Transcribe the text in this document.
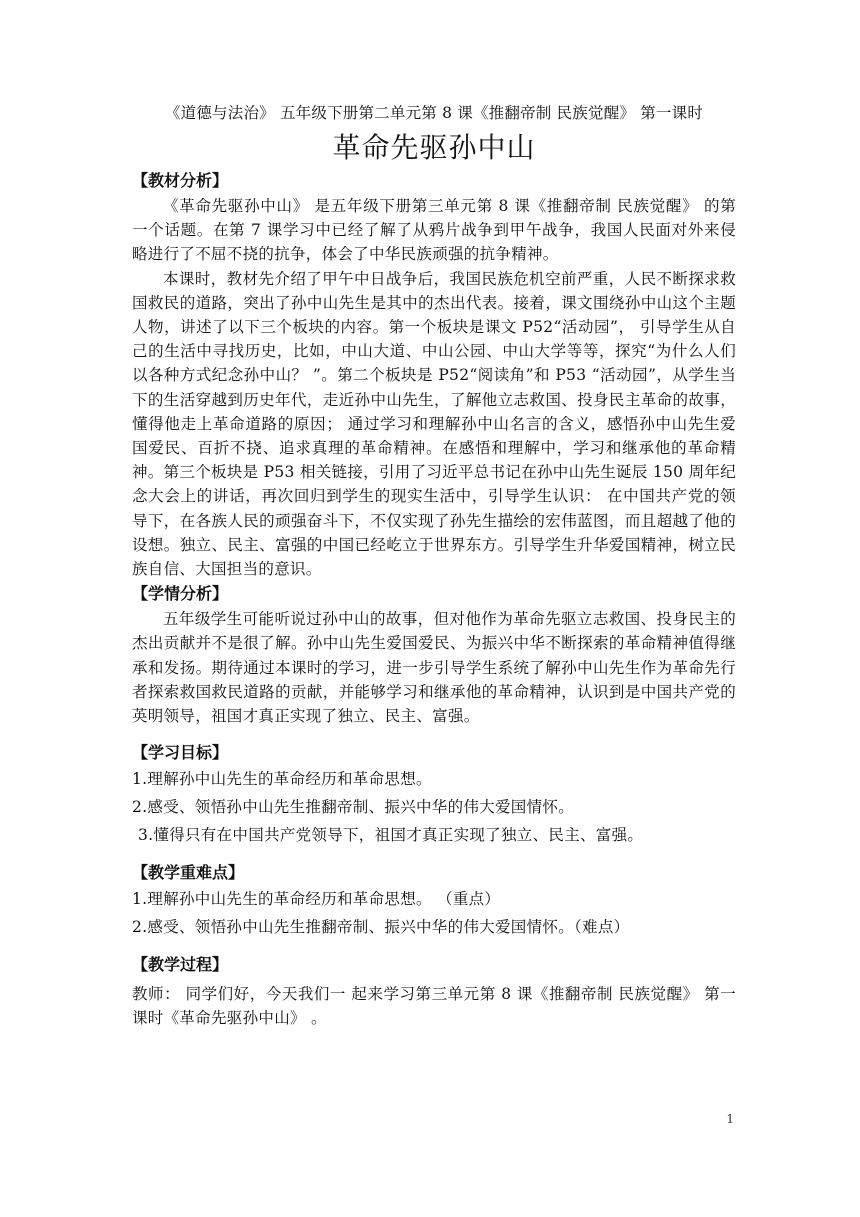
《道德与法治》 五年级下册第二单元第 8 课《推翻帝制 民族觉醒》 第一课时
革命先驱孙中山
【教材分析】

《革命先驱孙中山》 是五年级下册第三单元第 8 课《推翻帝制 民族觉醒》 的第一个话题。在第 7 课学习中已经了解了从鸦片战争到甲午战争，我国人民面对外来侵略进行了不屈不挠的抗争，体会了中华民族顽强的抗争精神。

本课时，教材先介绍了甲午中日战争后，我国民族危机空前严重，人民不断探求救国救民的道路，突出了孙中山先生是其中的杰出代表。接着，课文围绕孙中山这个主题人物，讲述了以下三个板块的内容。第一个板块是课文 P52“活动园”， 引导学生从自己的生活中寻找历史，比如，中山大道、中山公园、中山大学等等，探究“为什么人们以各种方式纪念孙中山？ ”。第二个板块是 P52“阅读角”和 P53 “活动园”，从学生当下的生活穿越到历史年代，走近孙中山先生，了解他立志救国、投身民主革命的故事，懂得他走上革命道路的原因； 通过学习和理解孙中山名言的含义，感悟孙中山先生爱国爱民、百折不挠、追求真理的革命精神。在感悟和理解中，学习和继承他的革命精神。第三个板块是 P53 相关链接，引用了习近平总书记在孙中山先生诞辰 150 周年纪念大会上的讲话，再次回归到学生的现实生活中，引导学生认识： 在中国共产党的领导下，在各族人民的顽强奋斗下，不仅实现了孙先生描绘的宏伟蓝图，而且超越了他的设想。独立、民主、富强的中国已经屹立于世界东方。引导学生升华爱国精神，树立民族自信、大国担当的意识。

【学情分析】

五年级学生可能听说过孙中山的故事，但对他作为革命先驱立志救国、投身民主的杰出贡献并不是很了解。孙中山先生爱国爱民、为振兴中华不断探索的革命精神值得继承和发扬。期待通过本课时的学习，进一步引导学生系统了解孙中山先生作为革命先行者探索救国救民道路的贡献，并能够学习和继承他的革命精神，认识到是中国共产党的英明领导，祖国才真正实现了独立、民主、富强。

【学习目标】
1.理解孙中山先生的革命经历和革命思想。
2.感受、领悟孙中山先生推翻帝制、振兴中华的伟大爱国情怀。
3.懂得只有在中国共产党领导下，祖国才真正实现了独立、民主、富强。
【教学重难点】
1.理解孙中山先生的革命经历和革命思想。 （重点）
2.感受、领悟孙中山先生推翻帝制、振兴中华的伟大爱国情怀。（难点）
【教学过程】

教师： 同学们好，今天我们一 起来学习第三单元第 8 课《推翻帝制 民族觉醒》 第一课时《革命先驱孙中山》 。

1
